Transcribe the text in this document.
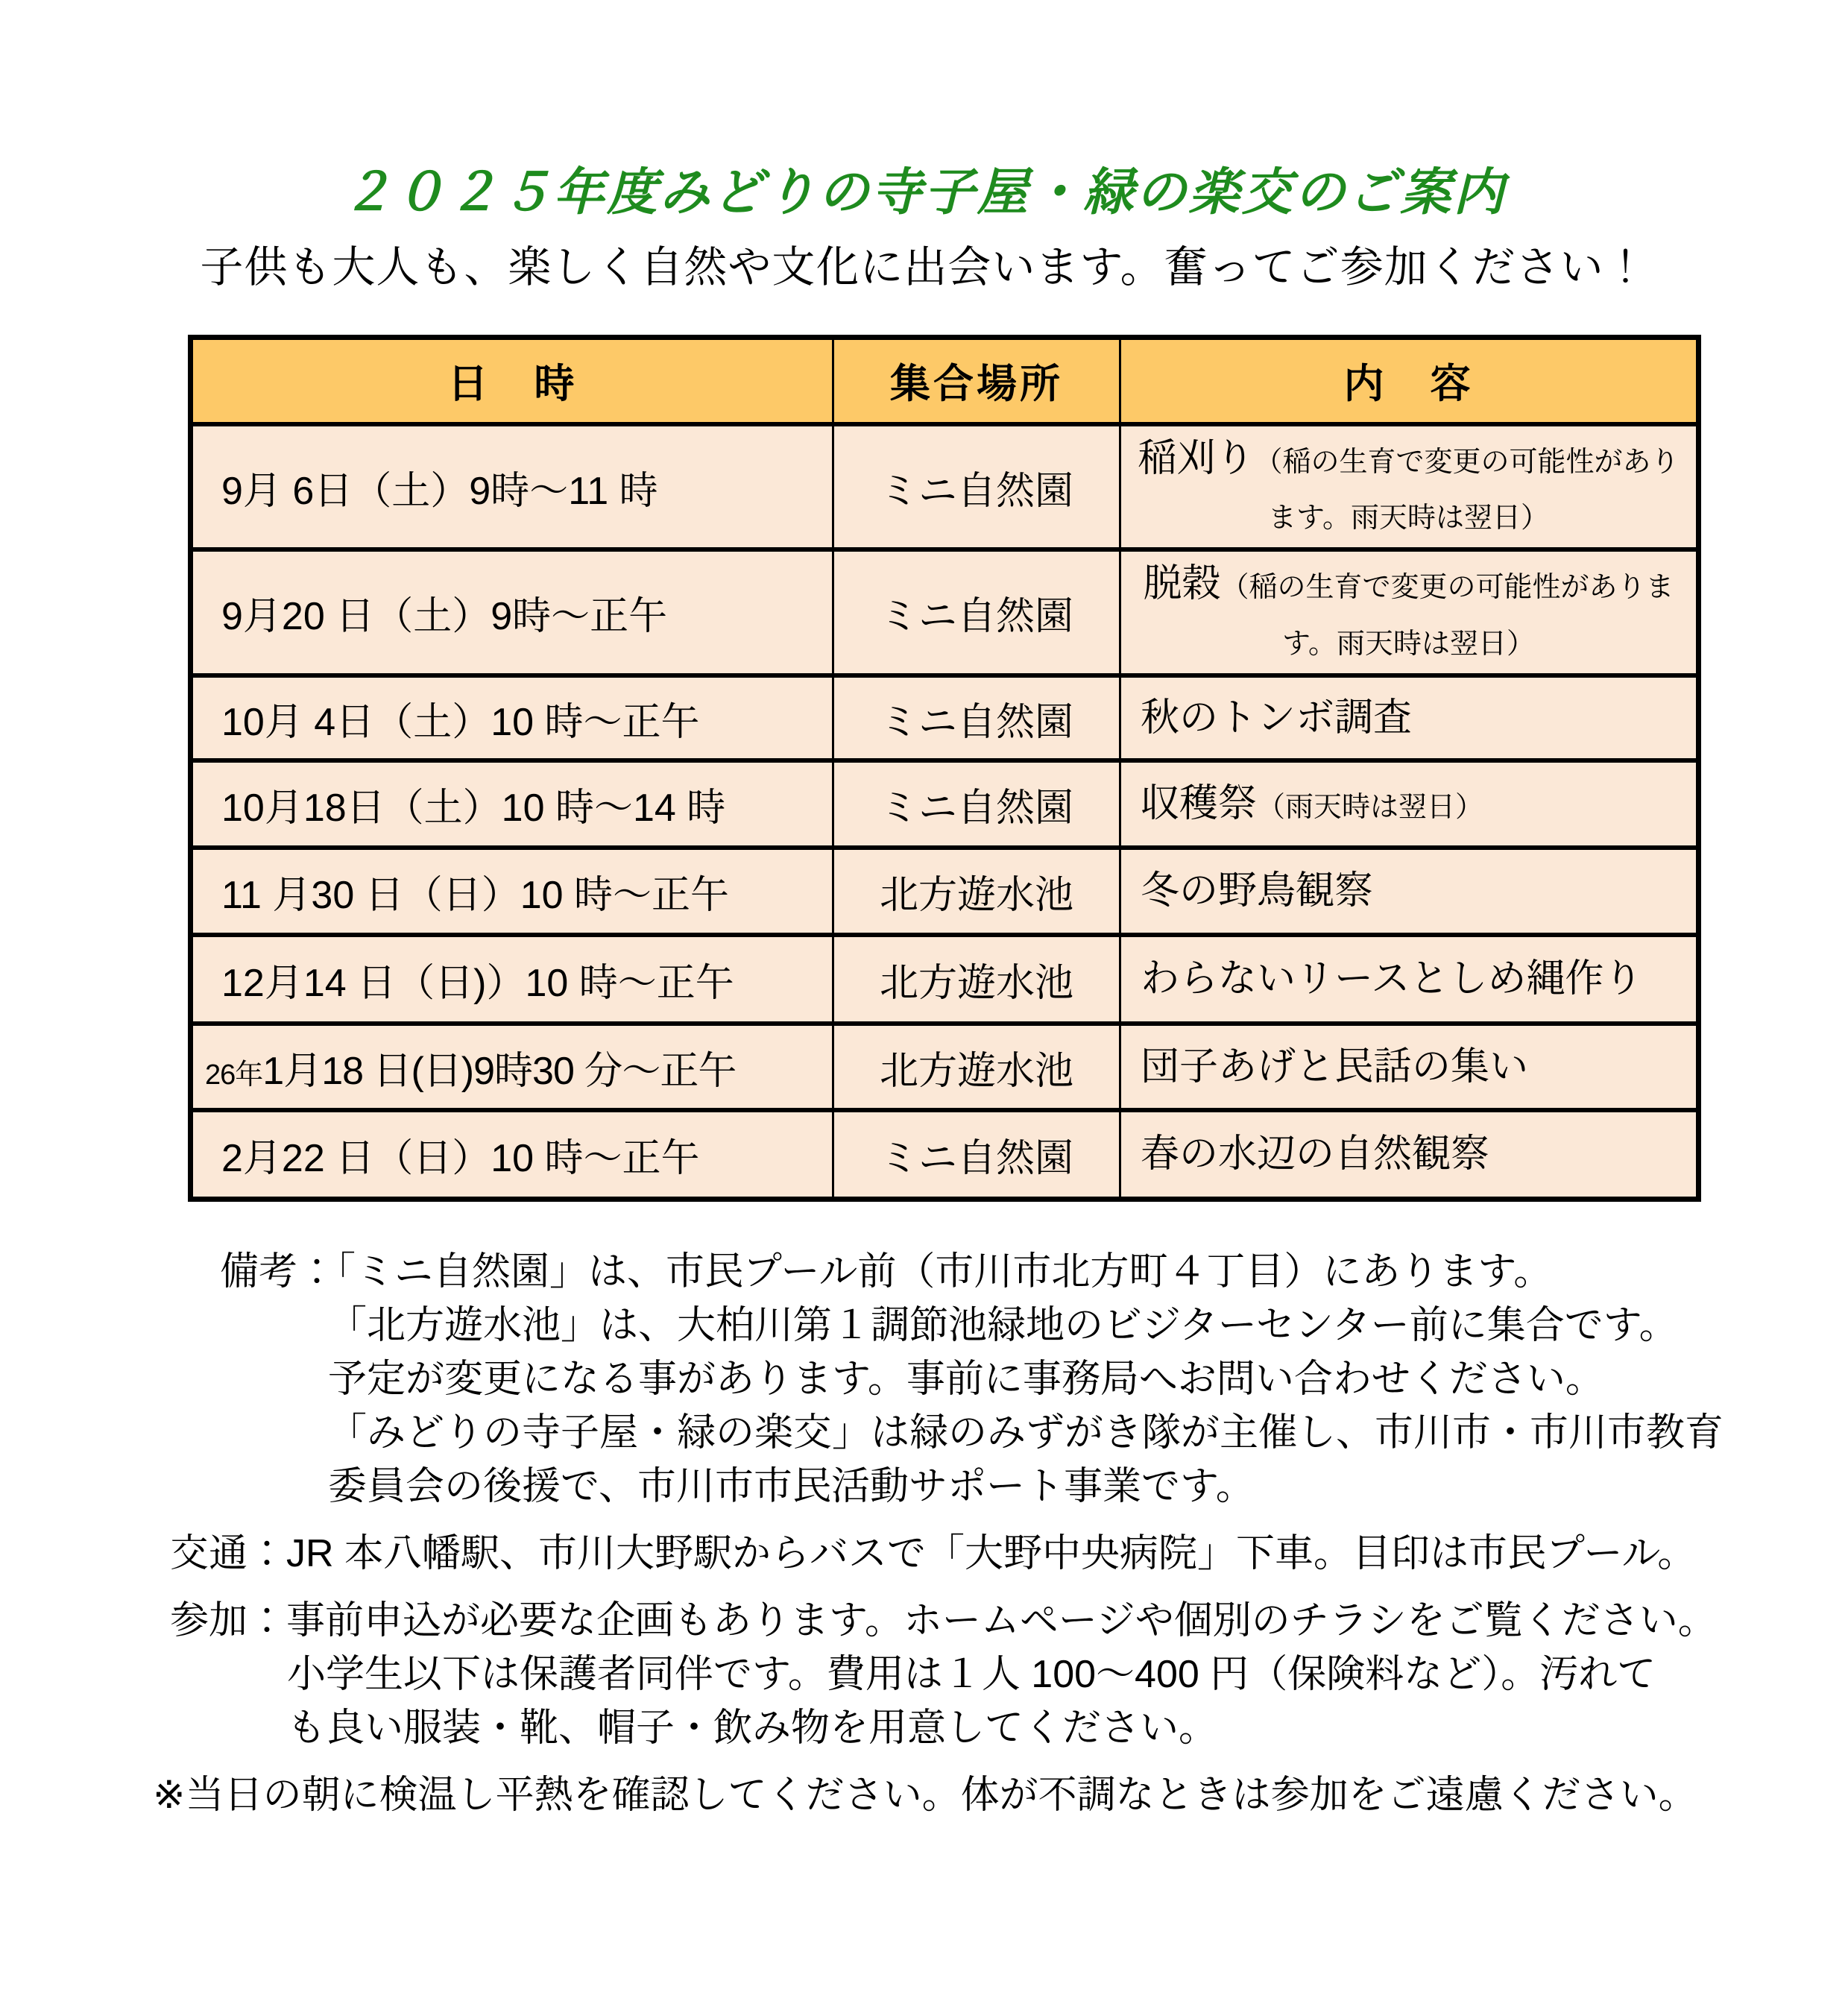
２０２５年度みどりの寺子屋・緑の楽交のご案内

子供も大人も、楽しく自然や文化に出会います。奮ってご参加ください！

日　時	集合場所	内　容
9月 6日（土）9時～11 時	ミニ自然園	稲刈り（稲の生育で変更の可能性があります。雨天時は翌日）
9月20 日（土）9時～正午	ミニ自然園	脱穀（稲の生育で変更の可能性があります。雨天時は翌日）
10月 4日（土）10 時～正午	ミニ自然園	秋のトンボ調査
10月18日（土）10 時～14 時	ミニ自然園	収穫祭（雨天時は翌日）
11 月30 日（日）10 時～正午	北方遊水池	冬の野鳥観察
12月14 日（日)）10 時～正午	北方遊水池	わらないリースとしめ縄作り
26年1月18 日(日)9時30 分～正午	北方遊水池	団子あげと民話の集い
2月22 日（日）10 時～正午	ミニ自然園	春の水辺の自然観察
備考：「ミニ自然園」は、市民プール前（市川市北方町４丁目）にあります。
「北方遊水池」は、大柏川第１調節池緑地のビジターセンター前に集合です。
予定が変更になる事があります。事前に事務局へお問い合わせください。
「みどりの寺子屋・緑の楽交」は緑のみずがき隊が主催し、市川市・市川市教育
委員会の後援で、市川市市民活動サポート事業です。
交通：JR 本八幡駅、市川大野駅からバスで「大野中央病院」下車。目印は市民プール。
参加：事前申込が必要な企画もあります。ホームページや個別のチラシをご覧ください。
小学生以下は保護者同伴です。費用は１人 100～400 円（保険料など）。汚れて
も良い服装・靴、帽子・飲み物を用意してください。
※当日の朝に検温し平熱を確認してください。体が不調なときは参加をご遠慮ください。
